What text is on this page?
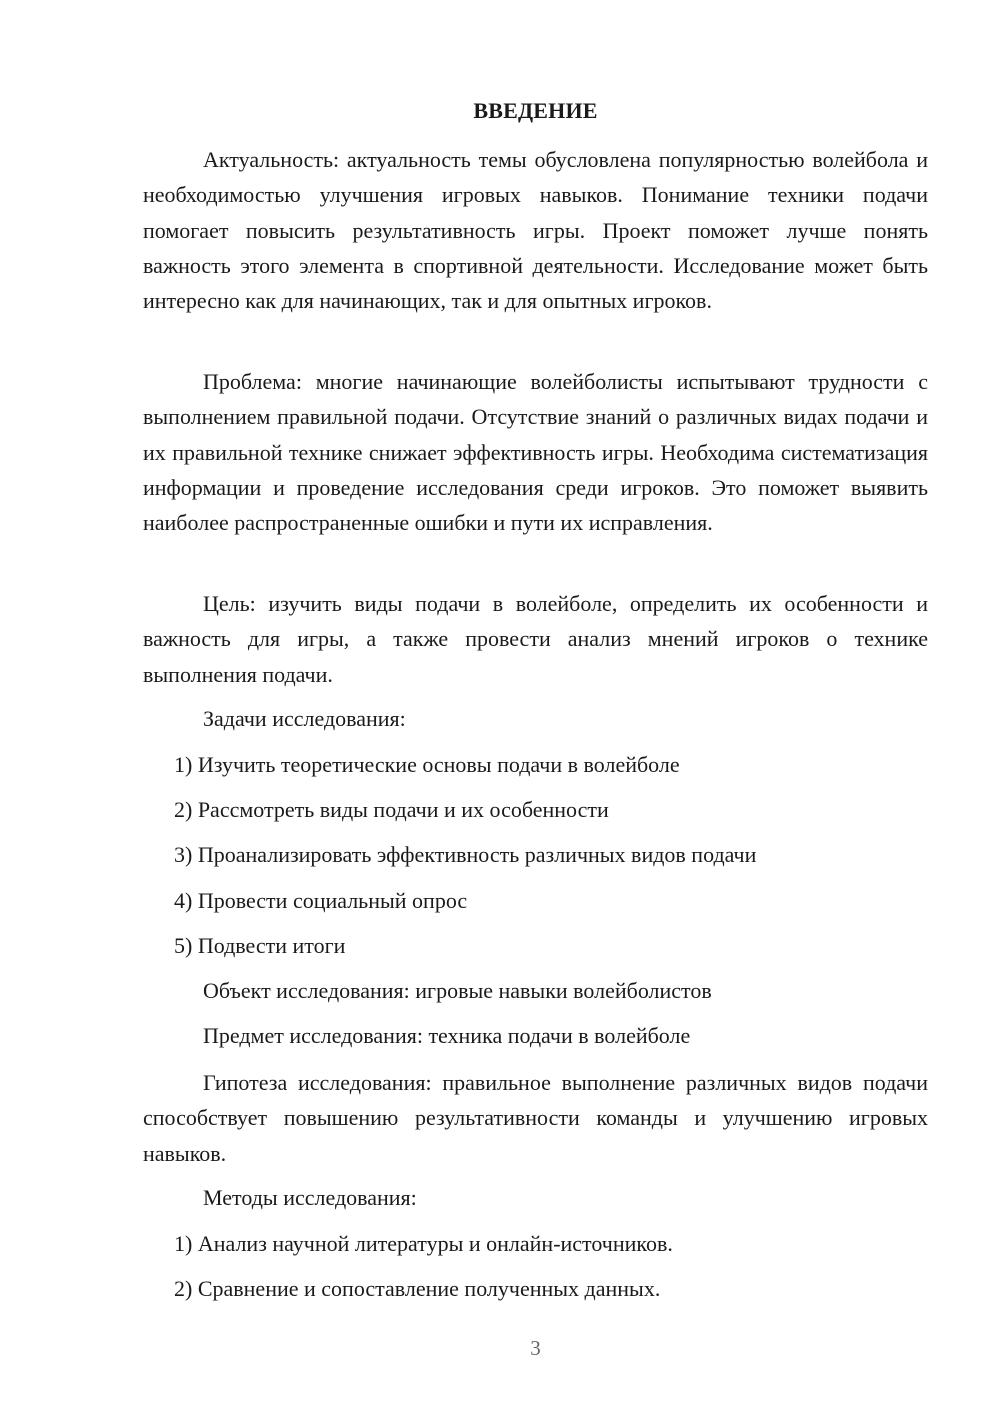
ВВЕДЕНИЕ

Актуальность: актуальность темы обусловлена популярностью волейбола и необходимостью улучшения игровых навыков. Понимание техники подачи помогает повысить результативность игры. Проект поможет лучше понять важность этого элемента в спортивной деятельности. Исследование может быть интересно как для начинающих, так и для опытных игроков.

Проблема: многие начинающие волейболисты испытывают трудности с выполнением правильной подачи. Отсутствие знаний о различных видах подачи и их правильной технике снижает эффективность игры. Необходима систематизация информации и проведение исследования среди игроков. Это поможет выявить наиболее распространенные ошибки и пути их исправления.

Цель: изучить виды подачи в волейболе, определить их особенности и важность для игры, а также провести анализ мнений игроков о технике выполнения подачи.

Задачи исследования:

1) Изучить теоретические основы подачи в волейболе

2) Рассмотреть виды подачи и их особенности

3) Проанализировать эффективность различных видов подачи

4) Провести социальный опрос

5) Подвести итоги

Объект исследования: игровые навыки волейболистов

Предмет исследования: техника подачи в волейболе

Гипотеза исследования: правильное выполнение различных видов подачи способствует повышению результативности команды и улучшению игровых навыков.

Методы исследования:

1) Анализ научной литературы и онлайн-источников.

2) Сравнение и сопоставление полученных данных.

3
